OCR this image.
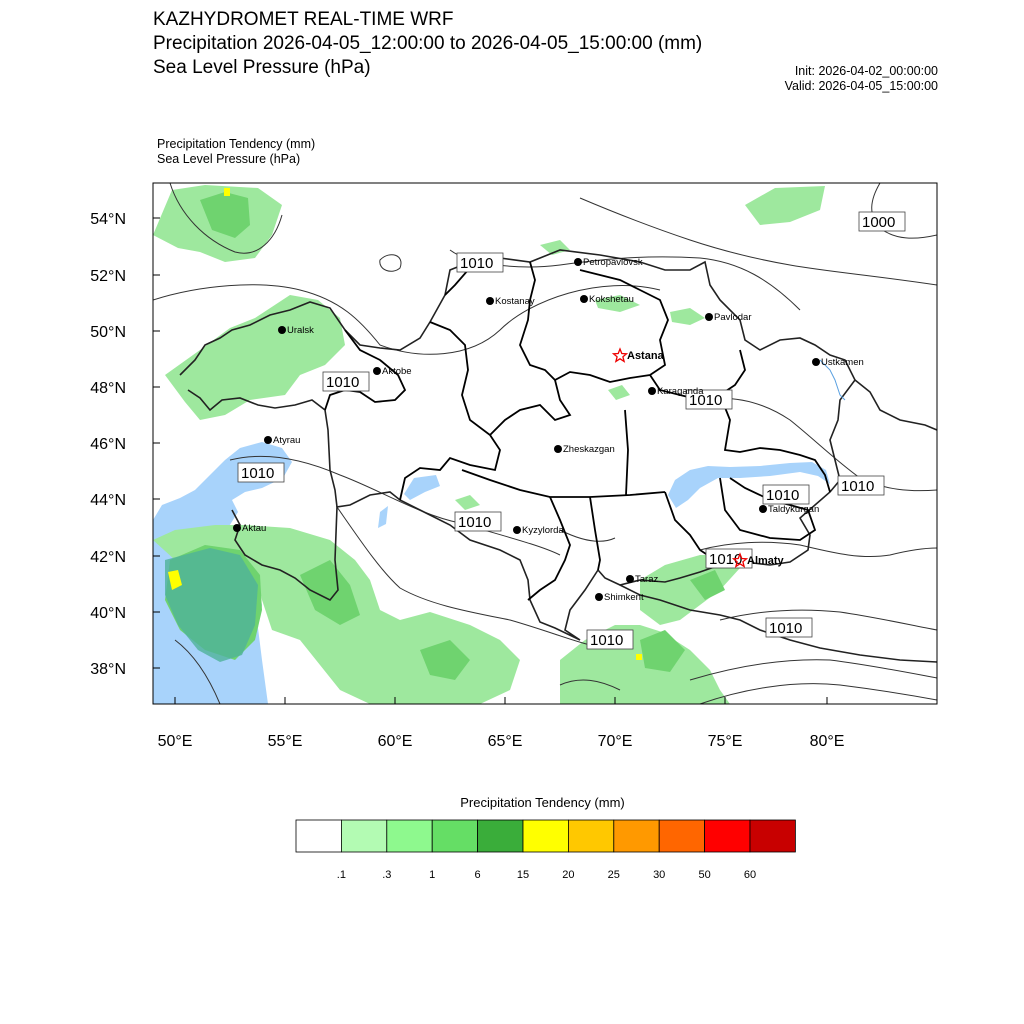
KAZHYDROMET REAL-TIME WRF
Precipitation 2026-04-05_12:00:00 to 2026-04-05_15:00:00 (mm)
Sea Level Pressure (hPa)	Init: 2026-04-02_00:00:00
Valid: 2026-04-05_15:00:00
Precipitation Tendency (mm)
Sea Level Pressure (hPa)
54°N
52°N
50°N
48°N
46°N
44°N
42°N
40°N
38°N
50°E	55°E	60°E	65°E	70°E	75°E	80°E
1010
1000
1010
1010
1010
1010
1010
1010
1010
1010
1010
Petropavlovsk
Kostanay	Kokshetau
Pavlodar
Uralsk
Aktobe
Ustkamen
Karaganda
Atyrau
Zheskazgan
Taldykurgan
Aktau	Kyzylorda
Taraz
Shimkent
Astana
Almaty
Precipitation Tendency (mm)
.1	.3	1	6	15	20	25	30	50	60
